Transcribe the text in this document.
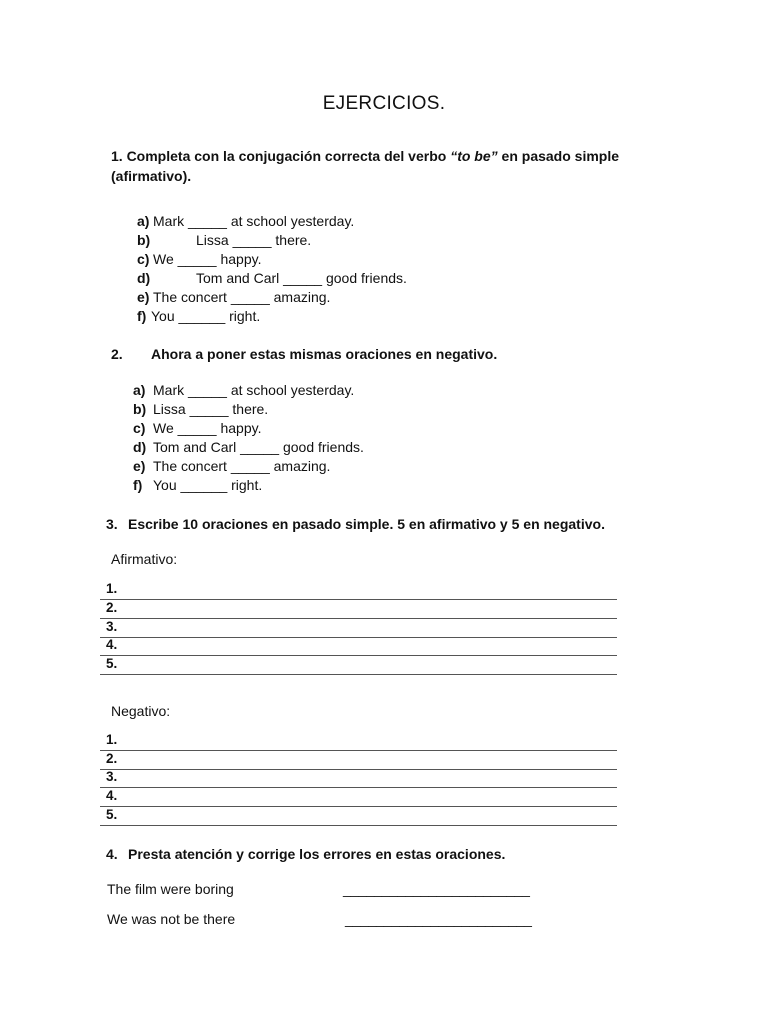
EJERCICIOS.
1. Completa con la conjugación correcta del verbo “to be” en pasado simple
(afirmativo).
a) Mark _____ at school yesterday.
b)	Lissa _____ there.
c) We _____ happy.
d)	Tom and Carl _____ good friends.
e) The concert _____ amazing.
f) You ______ right.
2. Ahora a poner estas mismas oraciones en negativo.
a) Mark _____ at school yesterday.
b) Lissa _____ there.
c) We _____ happy.
d) Tom and Carl _____ good friends.
e) The concert _____ amazing.
f) You ______ right.
3. Escribe 10 oraciones en pasado simple. 5 en afirmativo y 5 en negativo.
Afirmativo:
1.
2.
3.
4.
5.
Negativo:
1.
2.
3.
4.
5.
4. Presta atención y corrige los errores en estas oraciones.
The film were boring	________________________
We was not be there	________________________
